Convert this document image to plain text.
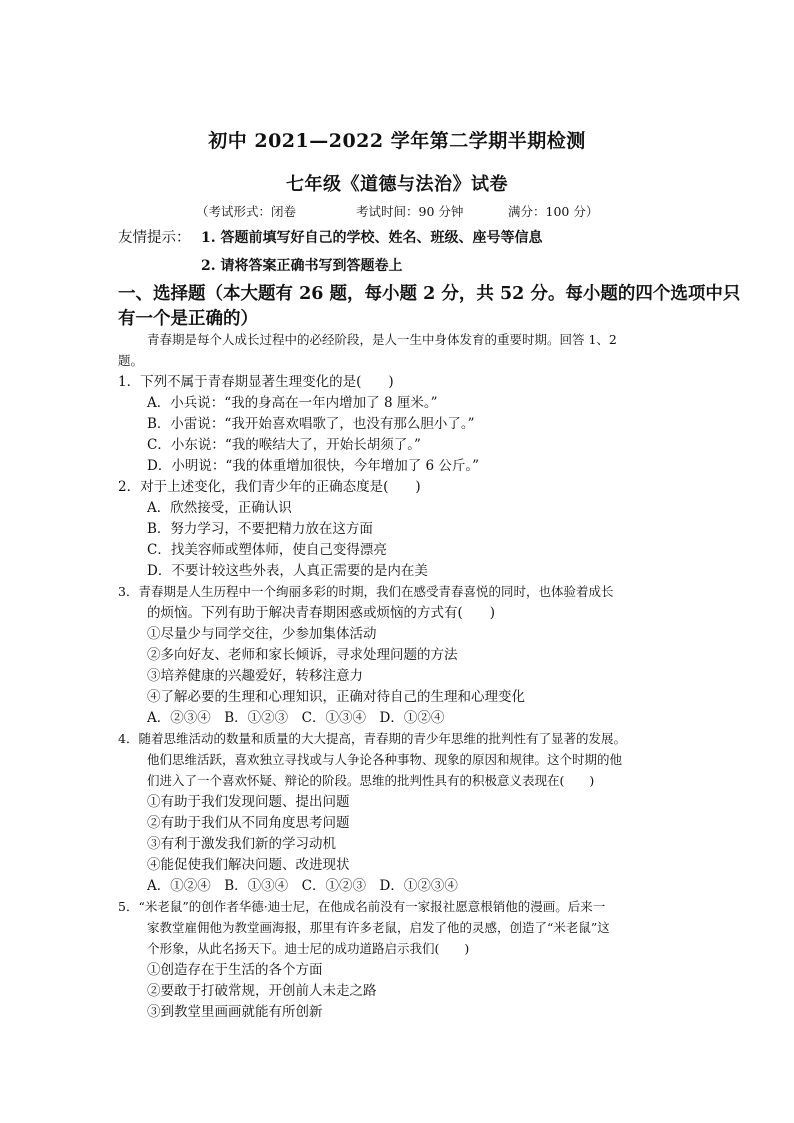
初中 2021—2022 学年第二学期半期检测
七年级《道德与法治》试卷
（考试形式：闭卷	考试时间：90 分钟	满分：100 分）
友情提示： 1. 答题前填写好自己的学校、姓名、班级、座号等信息
2. 请将答案正确书写到答题卷上
一、选择题（本大题有 26 题，每小题 2 分，共 52 分。每小题的四个选项中只
有一个是正确的）
青春期是每个人成长过程中的必经阶段，是人一生中身体发育的重要时期。回答 1、2
题。
1．下列不属于青春期显著生理变化的是(　　)
A．小兵说：“我的身高在一年内增加了 8 厘米。”
B．小雷说：“我开始喜欢唱歌了，也没有那么胆小了。”
C．小东说：“我的喉结大了，开始长胡须了。”
D．小明说：“我的体重增加很快，今年增加了 6 公斤。”
2．对于上述变化，我们青少年的正确态度是(　　)
A．欣然接受，正确认识
B．努力学习，不要把精力放在这方面
C．找美容师或塑体师，使自己变得漂亮
D．不要计较这些外表，人真正需要的是内在美
3．青春期是人生历程中一个绚丽多彩的时期，我们在感受青春喜悦的同时，也体验着成长
的烦恼。下列有助于解决青春期困惑或烦恼的方式有(　　)
①尽量少与同学交往，少参加集体活动
②多向好友、老师和家长倾诉，寻求处理问题的方法
③培养健康的兴趣爱好，转移注意力
④了解必要的生理和心理知识，正确对待自己的生理和心理变化
A．②③④　B．①②③　C．①③④　D．①②④
4．随着思维活动的数量和质量的大大提高，青春期的青少年思维的批判性有了显著的发展。
他们思维活跃，喜欢独立寻找或与人争论各种事物、现象的原因和规律。这个时期的他
们进入了一个喜欢怀疑、辩论的阶段。思维的批判性具有的积极意义表现在(　　)
①有助于我们发现问题、提出问题
②有助于我们从不同角度思考问题
③有利于激发我们新的学习动机
④能促使我们解决问题、改进现状
A．①②④　B．①③④　C．①②③　D．①②③④
5．“米老鼠”的创作者华德·迪士尼，在他成名前没有一家报社愿意根销他的漫画。后来一
家教堂雇佣他为教堂画海报，那里有许多老鼠，启发了他的灵感，创造了“米老鼠”这
个形象，从此名扬天下。迪士尼的成功道路启示我们(　　)
①创造存在于生活的各个方面
②要敢于打破常规，开创前人未走之路
③到教堂里画画就能有所创新
